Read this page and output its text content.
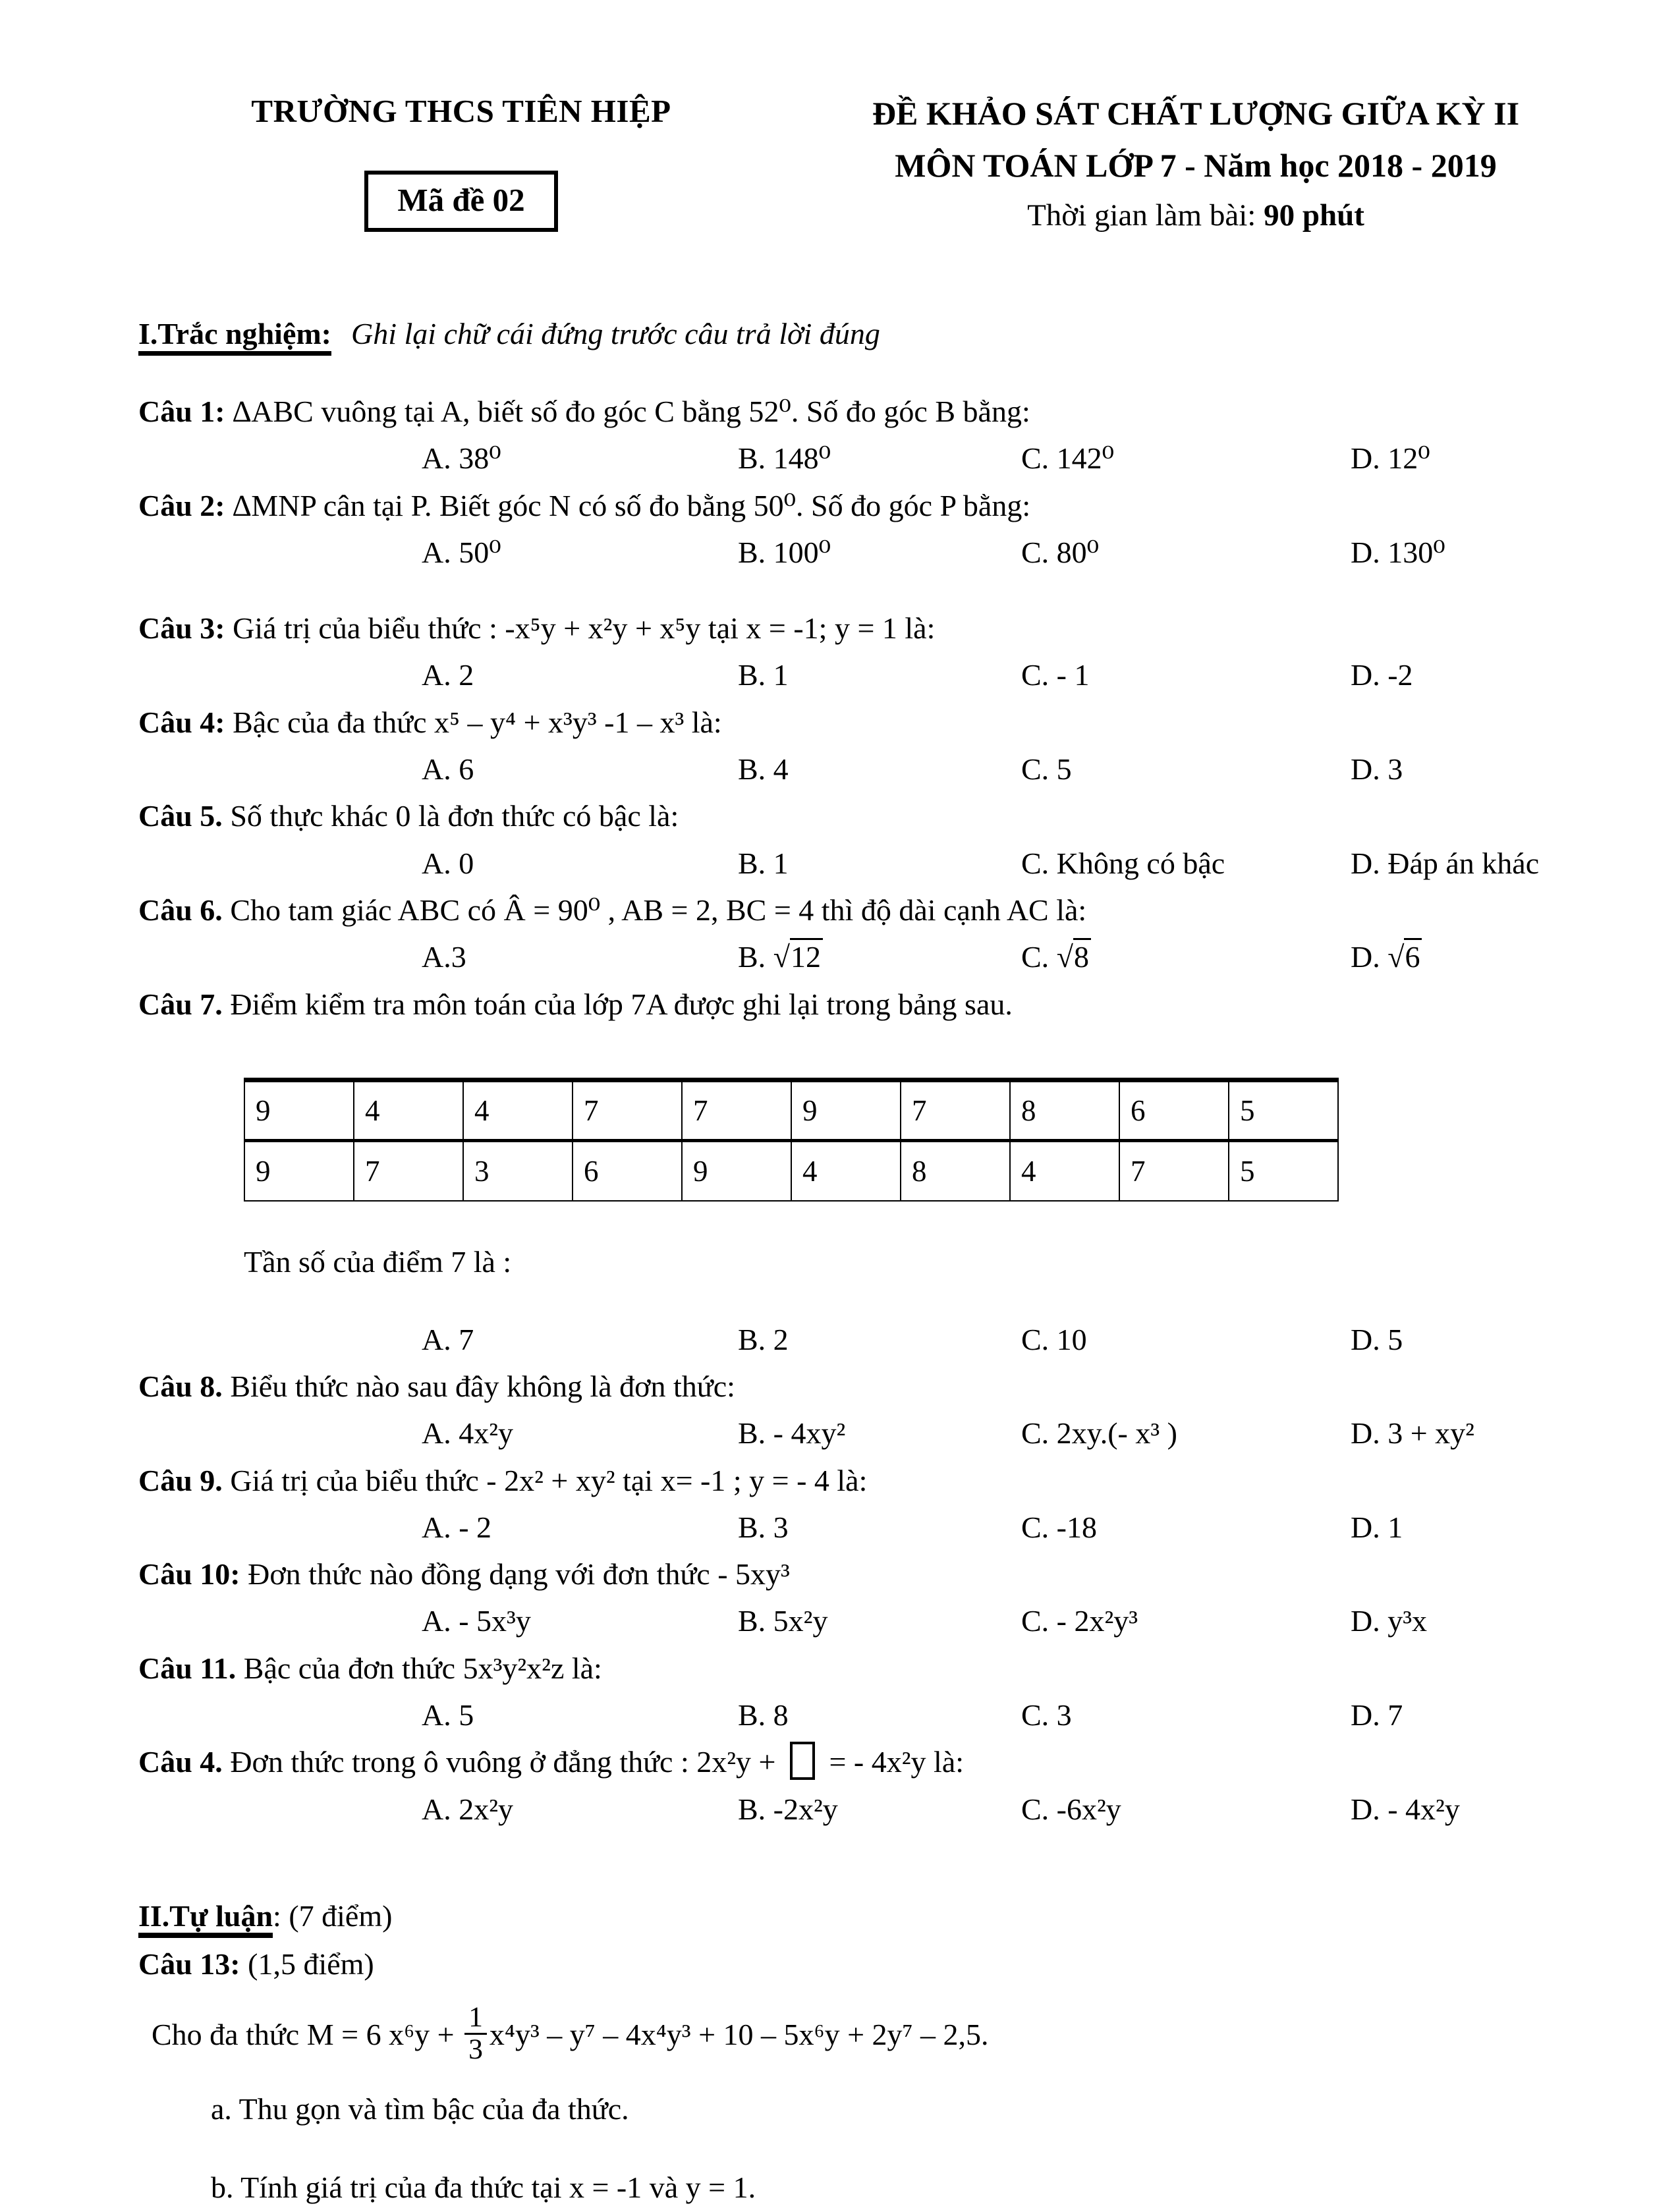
TRƯỜNG THCS TIÊN HIỆP
Mã đề 02
ĐỀ KHẢO SÁT CHẤT LƯỢNG GIỮA KỲ II
MÔN TOÁN LỚP 7 - Năm học 2018 - 2019
Thời gian làm bài: 90 phút
I.Trắc nghiệm: Ghi lại chữ cái đứng trước câu trả lời đúng

Câu 1: ∆ABC vuông tại A, biết số đo góc C bằng 52⁰. Số đo góc B bằng:

A. 38⁰	B. 148⁰	C. 142⁰	D. 12⁰

Câu 2: ∆MNP cân tại P. Biết góc N có số đo bằng 50⁰. Số đo góc P bằng:

A. 50⁰	B. 100⁰	C. 80⁰	D. 130⁰

Câu 3: Giá trị của biểu thức : -x⁵y + x²y + x⁵y tại x = -1; y = 1 là:

A. 2	B. 1	C. - 1	D. -2

Câu 4: Bậc của đa thức x⁵ – y⁴ + x³y³ -1 – x³ là:

A. 6	B. 4	C. 5	D. 3

Câu 5. Số thực khác 0 là đơn thức có bậc là:

A. 0	B. 1	C. Không có bậc	D. Đáp án khác

Câu 6. Cho tam giác ABC có Â = 90⁰ , AB = 2, BC = 4 thì độ dài cạnh AC là:

A.3	B. √12	C. √8	D. √6

Câu 7. Điểm kiểm tra môn toán của lớp 7A được ghi lại trong bảng sau.

9	4	4	7	7	9	7	8	6	5
9	7	3	6	9	4	8	4	7	5

Tần số của điểm 7 là :

A. 7	B. 2	C. 10	D. 5

Câu 8. Biểu thức nào sau đây không là đơn thức:

A. 4x²y	B. - 4xy²	C. 2xy.(- x³ )	D. 3 + xy²

Câu 9. Giá trị của biểu thức - 2x² + xy² tại x= -1 ; y = - 4 là:

A. - 2	B. 3	C. -18	D. 1

Câu 10: Đơn thức nào đồng dạng với đơn thức - 5xy³

A. - 5x³y	B. 5x²y	C. - 2x²y³	D. y³x

Câu 11. Bậc của đơn thức 5x³y²x²z là:

A. 5	B. 8	C. 3	D. 7

Câu 4. Đơn thức trong ô vuông ở đẳng thức : 2x²y +  = - 4x²y là:

A. 2x²y	B. -2x²y	C. -6x²y	D. - 4x²y
II.Tự luận: (7 điểm)
Câu 13: (1,5 điểm)
Cho đa thức M = 6 $x^6y + \frac{1}{3} x^4y^3 - y^7 - 4x^4y^3 + 10 - 5x^6y + 2y^7 - 2,5$.

a. Thu gọn và tìm bậc của đa thức.

b. Tính giá trị của đa thức tại x = -1 và y = 1.
